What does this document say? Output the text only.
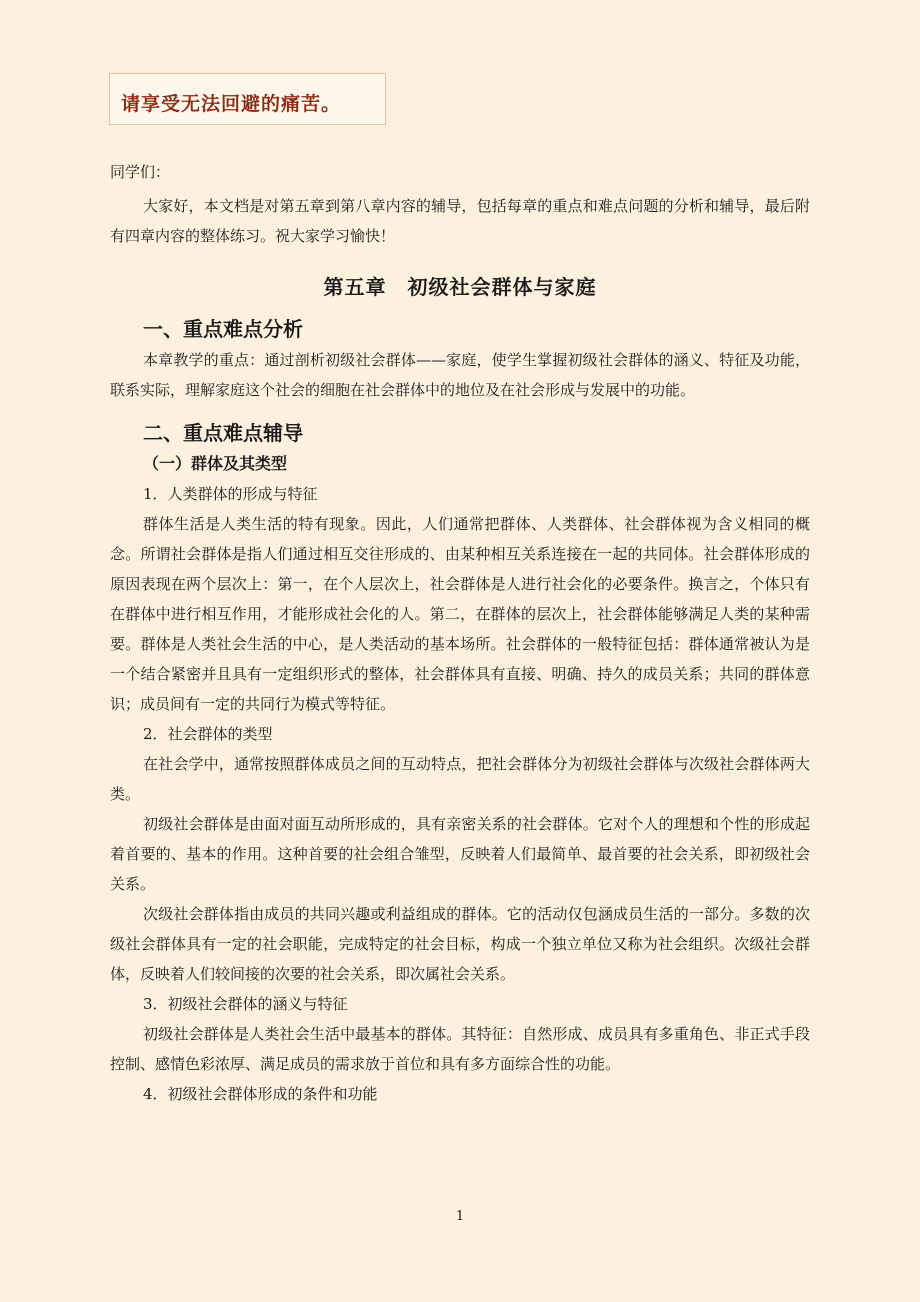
请享受无法回避的痛苦。

同学们：

大家好，本文档是对第五章到第八章内容的辅导，包括每章的重点和难点问题的分析和辅导，最后附有四章内容的整体练习。祝大家学习愉快！

第五章　初级社会群体与家庭
一、重点难点分析

本章教学的重点：通过剖析初级社会群体——家庭，使学生掌握初级社会群体的涵义、特征及功能，联系实际，理解家庭这个社会的细胞在社会群体中的地位及在社会形成与发展中的功能。

二、重点难点辅导
（一）群体及其类型

1．人类群体的形成与特征

群体生活是人类生活的特有现象。因此，人们通常把群体、人类群体、社会群体视为含义相同的概念。所谓社会群体是指人们通过相互交往形成的、由某种相互关系连接在一起的共同体。社会群体形成的原因表现在两个层次上：第一，在个人层次上，社会群体是人进行社会化的必要条件。换言之，个体只有在群体中进行相互作用，才能形成社会化的人。第二，在群体的层次上，社会群体能够满足人类的某种需要。群体是人类社会生活的中心，是人类活动的基本场所。社会群体的一般特征包括：群体通常被认为是一个结合紧密并且具有一定组织形式的整体，社会群体具有直接、明确、持久的成员关系；共同的群体意识；成员间有一定的共同行为模式等特征。

2．社会群体的类型

在社会学中，通常按照群体成员之间的互动特点，把社会群体分为初级社会群体与次级社会群体两大类。

初级社会群体是由面对面互动所形成的，具有亲密关系的社会群体。它对个人的理想和个性的形成起着首要的、基本的作用。这种首要的社会组合雏型，反映着人们最简单、最首要的社会关系，即初级社会关系。

次级社会群体指由成员的共同兴趣或利益组成的群体。它的活动仅包涵成员生活的一部分。多数的次级社会群体具有一定的社会职能，完成特定的社会目标，构成一个独立单位又称为社会组织。次级社会群体，反映着人们较间接的次要的社会关系，即次属社会关系。

3．初级社会群体的涵义与特征

初级社会群体是人类社会生活中最基本的群体。其特征：自然形成、成员具有多重角色、非正式手段控制、感情色彩浓厚、满足成员的需求放于首位和具有多方面综合性的功能。

4．初级社会群体形成的条件和功能

1
